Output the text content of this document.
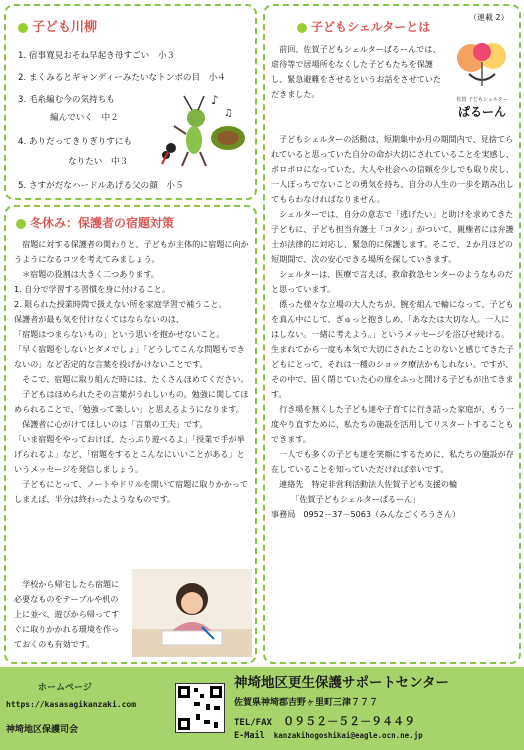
子ども川柳

1. 宿事寛見おそね早起き母すごい　小３

2. まくみるとギャンディーみたいなトンボの目　小４

3. 毛糸編む今の気持ちも

編んでいく　中２

4. ありだってきりぎりすにも

なりたい　中３

5. さすがだなハードルあげる父の顔　小５

♪
♫
冬休み：保護者の宿題対策

宿題に対する保護者の関わりと、子どもが主体的に宿題に向かうようになるコツを考えてみましょう。

＊宿題の役割は大きく二つあります。

1. 自分で学習する習慣を身に付けること。

2. 限られた授業時間で扱えない所を家庭学習で補うこと。

保護者が最も気を付けなくてはならないのは、

「宿題はつまらないもの」という思いを抱かせないこと。

「早く宿題をしないとダメでしょ」「どうしてこんな問題もできないの」など否定的な言葉を投げかけないことです。

そこで、宿題に取り組んだ時には、たくさんほめてください。

子どもはほめられたその言葉がうれしいもの。勉強に関してほめられることで、「勉強って楽しい」と思えるようになります。

保護者に心がけてほしいのは「言葉の工夫」です。

「いま宿題をやっておけば、たっぷり遊べるよ」「授業で手が挙げられるよ」など、「宿題をするとこんなにいいことがある」というメッセージを発信しましょう。

子どもにとって、ノートやドリルを開いて宿題に取りかかってしまえば、半分は終わったようなものです。

学校から帰宅したら宿題に必要なものをテーブルや机の上に並べ、遊びから帰ってすぐに取りかかれる環境を作っておくのも有効です。

子どもシェルターとは
（連載 2）
佐賀 子どもシェルター
ぱるーん

前回、佐賀子どもシェルターぱるーんでは、虐待等で居場所をなくした子どもたちを保護し、緊急避難をさせるというお話をさせていただきました。

子どもシェルターの活動は、短期集中か月の期間内で、見捨てられていると思っていた自分の命が大切にされていることを実感し、ボロボロになっていた、大人や社会への信頼を少しでも取り戻し、一人ぼっちでないことの勇気を持ち、自分の人生の一歩を踏み出してもらわなければなりません。

シェルターでは、自分の意志で「逃げたい」と助けを求めてきた子どもに、子ども担当弁護士「コタン」がついて、親権者には弁護士が法律的に対応し、緊急的に保護します。そこで、２か月ほどの短期間で、次の安心できる場所を探していきます。

シェルターは、医療で言えば、救命救急センターのようなものだと思っています。

係った様々な立場の大人たちが、腕を組んで輪になって、子どもを真ん中にして、ぎゅっと抱きしめ、「あなたは大切な人。一人にはしない。一緒に考えよう。」というメッセージを浴びせ続ける。生まれてから一度も本気で大切にされたことのないと感じてきた子どもにとって、それは一種のショック療法かもしれない。ですが、その中で、固く閉じていた心の扉をふっと開ける子どもが出てきます。

行き場を無くした子ども達や子育てに行き詰った家庭が、もう一度やり直すために、私たちの施設を活用してリスタートすることもできます。

一人でも多くの子ども達を笑顔にするために、私たちの施設が存在していることを知っていただければ幸いです。

連絡先　特定非営利活動法人佐賀子ども支援の輪

「佐賀子どもシェルターぱるーん」

事務局　0952－37－5063（みんなごくろうさん）

ホームページ
https://kasasagikanzaki.com
神埼地区保護司会
神埼地区更生保護サポートセンター
佐賀県神埼郡吉野ヶ里町三津７７７
TEL/FAX ０９５２－５２－９４４９
E-Mail kanzakihogoshikai@eagle.ocn.ne.jp
